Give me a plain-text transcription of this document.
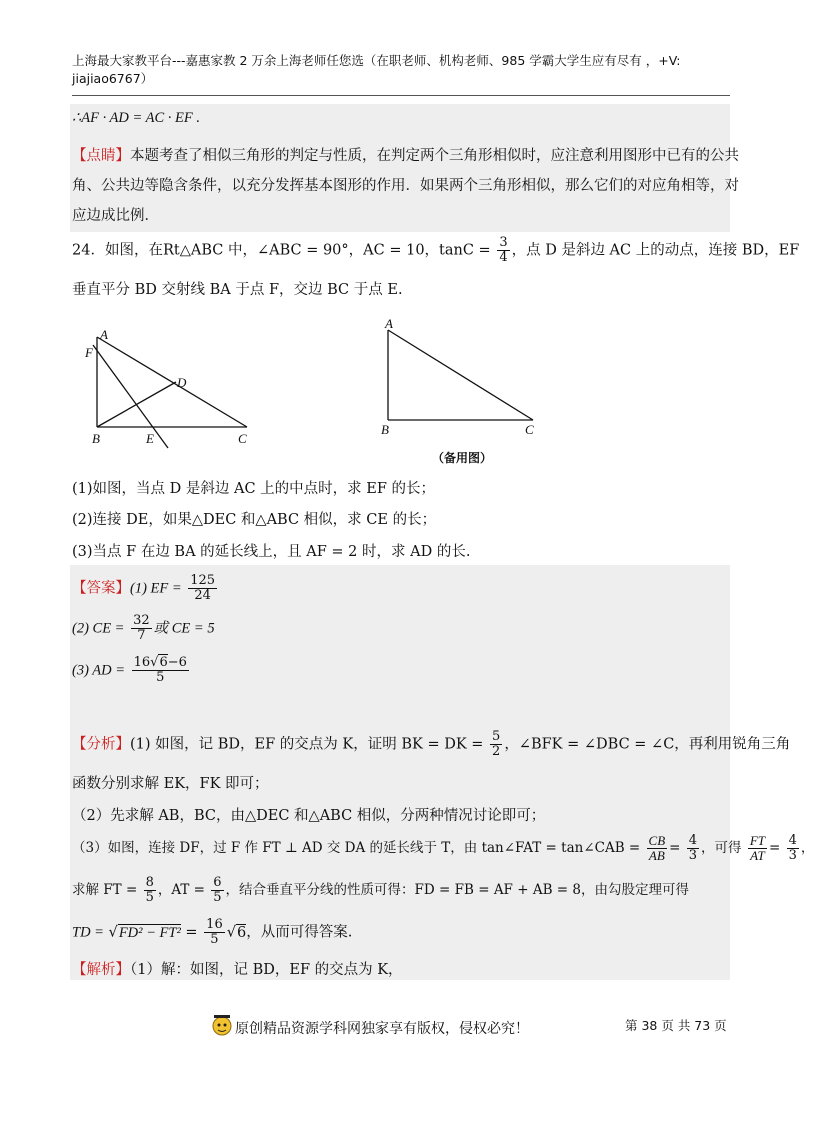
上海最大家教平台---嘉惠家教 2 万余上海老师任您选（在职老师、机构老师、985 学霸大学生应有尽有 ，+V: jiajiao6767）
∴AF · AD = AC · EF .
【点睛】本题考查了相似三角形的判定与性质，在判定两个三角形相似时，应注意利用图形中已有的公共
角、公共边等隐含条件，以充分发挥基本图形的作用．如果两个三角形相似，那么它们的对应角相等，对
应边成比例．
24．如图，在Rt△ABC 中，∠ABC = 90°，AC = 10，$\tan C = \frac{3}{4}$ ，点 D 是斜边 AC 上的动点，连接 BD，EF
垂直平分 BD 交射线 BA 于点 F，交边 BC 于点 E.
A
F
D
B	E	C
A
B	C
（备用图）
(1)如图，当点 D 是斜边 AC 上的中点时，求 EF 的长；
(2)连接 DE，如果△DEC 和△ABC 相似，求 CE 的长；
(3)当点 F 在边 BA 的延长线上，且 AF = 2 时，求 AD 的长.
【答案】(1) EF = $\frac{125}{24}$
(2) CE = $\frac{32}{7}$ 或 CE = 5
(3) AD = $\frac{16√6-6}{5}$
【分析】(1) 如图，记 BD，EF 的交点为 K，证明 BK = DK = $\frac{5}{2}$ ，∠BFK = ∠DBC = ∠C，再利用锐角三角
函数分别求解 EK，FK 即可；
（2）先求解 AB，BC，由△DEC 和△ABC 相似，分两种情况讨论即可；
（3）如图，连接 DF，过 F 作 FT ⊥ AD 交 DA 的延长线于 T，由 tan∠FAT = tan∠CAB = $\frac{CB}{AB} = \frac{4}{3}$ ，可得 $\frac{FT}{AT} = \frac{4}{3}$ ，
求解 FT = $\frac{8}{5}$ ，AT = $\frac{6}{5}$ ，结合垂直平分线的性质可得：FD = FB = AF + AB = 8，由勾股定理可得
TD = $√FD^2 - FT^2 = \frac{16}{5} √6$，从而可得答案.
【解析】（1）解：如图，记 BD，EF 的交点为 K，
原创精品资源学科网独家享有版权，侵权必究！	第 38 页 共 73 页
